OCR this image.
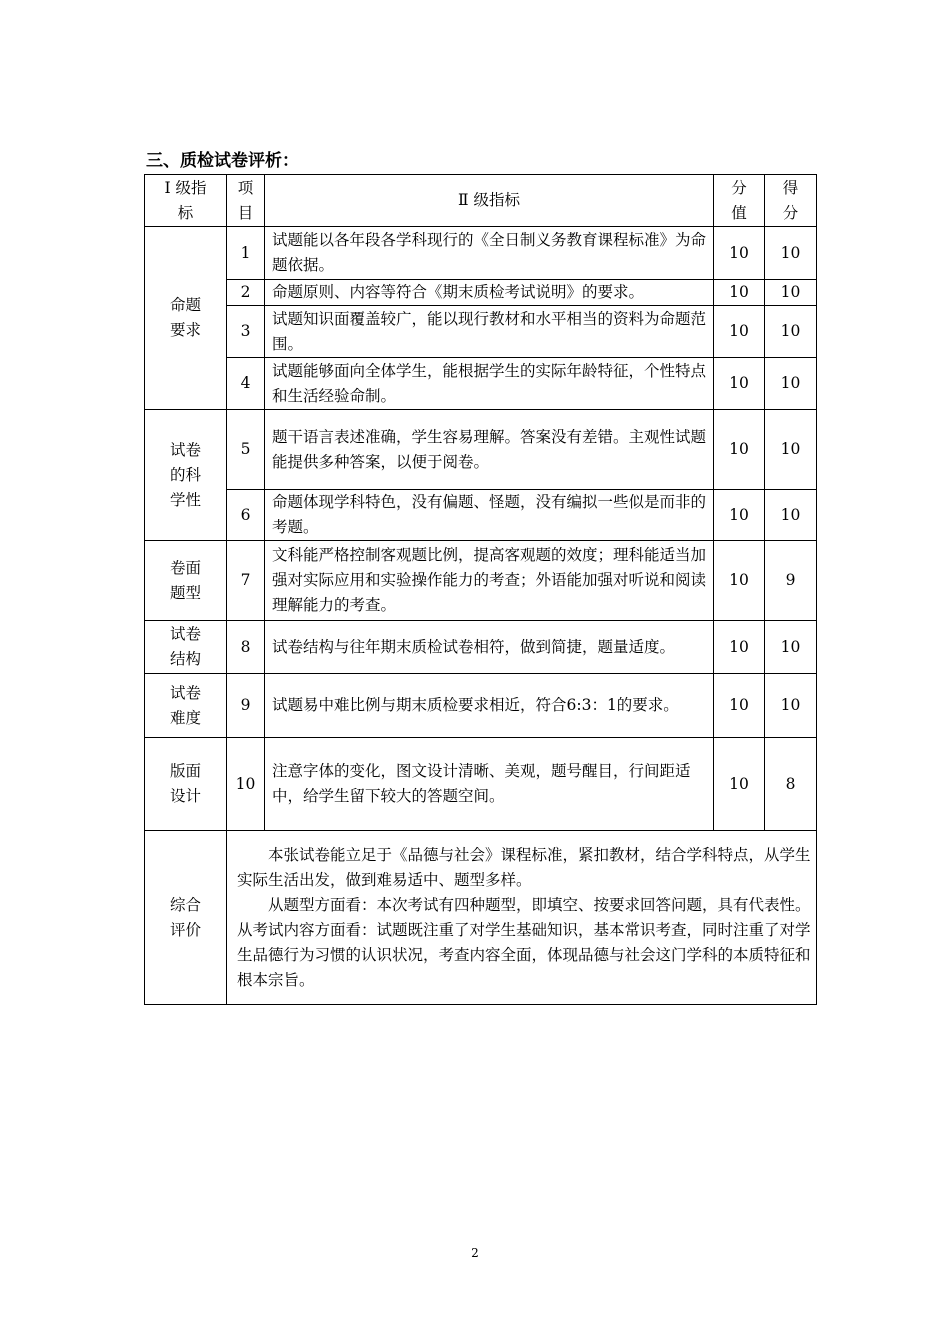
三、质检试卷评析：
Ⅰ 级指标	项目	Ⅱ 级指标	分值	得分
命题要求	1	试题能以各年段各学科现行的《全日制义务教育课程标准》为命题依据。	10	10
	2	命题原则、内容等符合《期末质检考试说明》的要求。	10	10
	3	试题知识面覆盖较广，能以现行教材和水平相当的资料为命题范围。	10	10
	4	试题能够面向全体学生，能根据学生的实际年龄特征，个性特点和生活经验命制。	10	10
试卷的科学性	5	题干语言表述准确，学生容易理解。答案没有差错。主观性试题能提供多种答案，以便于阅卷。	10	10
	6	命题体现学科特色，没有偏题、怪题，没有编拟一些似是而非的考题。	10	10
卷面题型	7	文科能严格控制客观题比例，提高客观题的效度；理科能适当加强对实际应用和实验操作能力的考查；外语能加强对听说和阅读理解能力的考查。	10	9
试卷结构	8	试卷结构与往年期末质检试卷相符，做到简捷，题量适度。	10	10
试卷难度	9	试题易中难比例与期末质检要求相近，符合6:3：1的要求。	10	10
版面设计	10	注意字体的变化，图文设计清晰、美观，题号醒目，行间距适中，给学生留下较大的答题空间。	10	8
综合评价	本张试卷能立足于《品德与社会》课程标准，紧扣教材，结合学科特点，从学生实际生活出发，做到难易适中、题型多样。

从题型方面看：本次考试有四种题型，即填空、按要求回答问题，具有代表性。

从考试内容方面看：试题既注重了对学生基础知识，基本常识考查，同时注重了对学生品德行为习惯的认识状况，考查内容全面，体现品德与社会这门学科的本质特征和根本宗旨。			

2
